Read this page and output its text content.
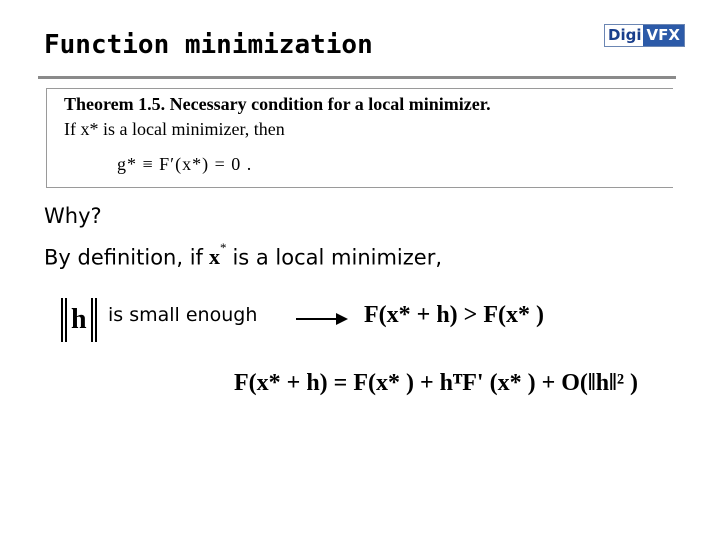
Function minimization	Digi VFX
Theorem 1.5. Necessary condition for a local minimizer.
If x* is a local minimizer, then
g* ≡ F′(x*) = 0 .
Why?
By definition, if x* is a local minimizer,
h	is small enough	F(x* + h) > F(x* )
F(x* + h) = F(x* ) + hᵀF' (x* ) + O(‖h‖² )
